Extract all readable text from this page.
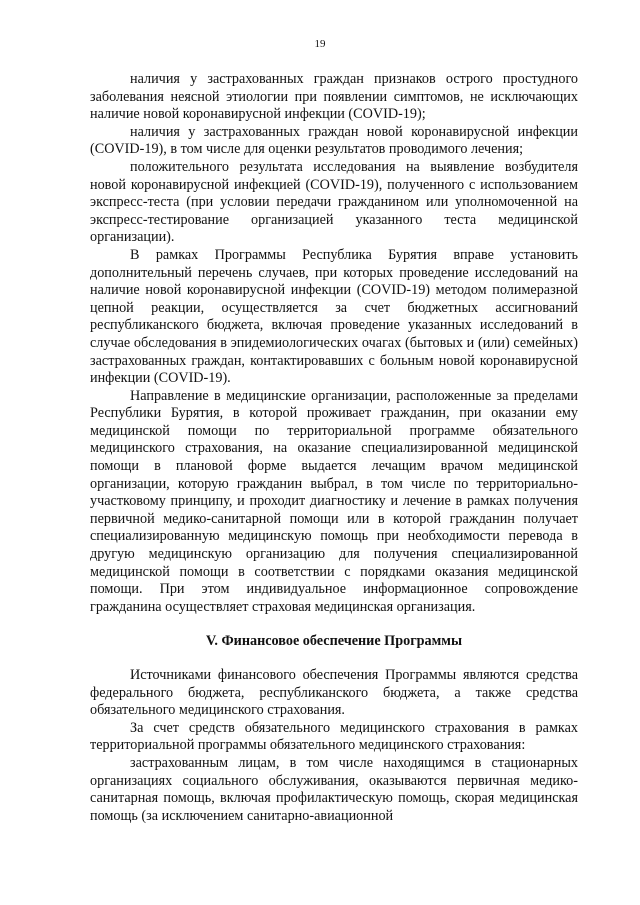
19

наличия у застрахованных граждан признаков острого простудного заболевания неясной этиологии при появлении симптомов, не исключающих наличие новой коронавирусной инфекции (COVID-19);

наличия у застрахованных граждан новой коронавирусной инфекции (COVID-19), в том числе для оценки результатов проводимого лечения;

положительного результата исследования на выявление возбудителя новой коронавирусной инфекцией (COVID-19), полученного с использованием экспресс-теста (при условии передачи гражданином или уполномоченной на экспресс-тестирование организацией указанного теста медицинской организации).

В рамках Программы Республика Бурятия вправе установить дополнительный перечень случаев, при которых проведение исследований на наличие новой коронавирусной инфекции (COVID-19) методом полимеразной цепной реакции, осуществляется за счет бюджетных ассигнований республиканского бюджета, включая проведение указанных исследований в случае обследования в эпидемиологических очагах (бытовых и (или) семейных) застрахованных граждан, контактировавших с больным новой коронавирусной инфекции (COVID-19).

Направление в медицинские организации, расположенные за пределами Республики Бурятия, в которой проживает гражданин, при оказании ему медицинской помощи по территориальной программе обязательного медицинского страхования, на оказание специализированной медицинской помощи в плановой форме выдается лечащим врачом медицинской организации, которую гражданин выбрал, в том числе по территориально-участковому принципу, и проходит диагностику и лечение в рамках получения первичной медико-санитарной помощи или в которой гражданин получает специализированную медицинскую помощь при необходимости перевода в другую медицинскую организацию для получения специализированной медицинской помощи в соответствии с порядками оказания медицинской помощи. При этом индивидуальное информационное сопровождение гражданина осуществляет страховая медицинская организация.

V. Финансовое обеспечение Программы

Источниками финансового обеспечения Программы являются средства федерального бюджета, республиканского бюджета, а также средства обязательного медицинского страхования.

За счет средств обязательного медицинского страхования в рамках территориальной программы обязательного медицинского страхования:

застрахованным лицам, в том числе находящимся в стационарных организациях социального обслуживания, оказываются первичная медико-санитарная помощь, включая профилактическую помощь, скорая медицинская помощь (за исключением санитарно-авиационной
